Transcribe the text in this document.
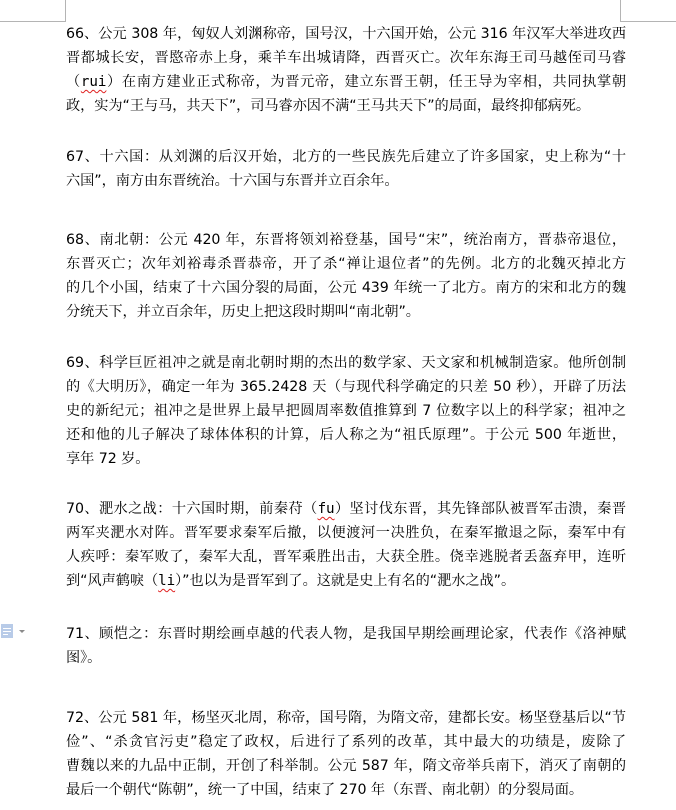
66、公元 308 年，匈奴人刘渊称帝，国号汉，十六国开始，公元 316 年汉军大举进攻西
晋都城长安，晋愍帝赤上身，乘羊车出城请降，西晋灭亡。次年东海王司马越侄司马睿
（rui）在南方建业正式称帝，为晋元帝，建立东晋王朝，任王导为宰相，共同执掌朝
政，实为“王与马，共天下”，司马睿亦因不满“王马共天下”的局面，最终抑郁病死。
67、十六国：从刘渊的后汉开始，北方的一些民族先后建立了许多国家，史上称为“十
六国”，南方由东晋统治。十六国与东晋并立百余年。
68、南北朝：公元 420 年，东晋将领刘裕登基，国号“宋”，统治南方，晋恭帝退位，
东晋灭亡；次年刘裕毒杀晋恭帝，开了杀“禅让退位者”的先例。北方的北魏灭掉北方
的几个小国，结束了十六国分裂的局面，公元 439 年统一了北方。南方的宋和北方的魏
分统天下，并立百余年，历史上把这段时期叫“南北朝”。
69、科学巨匠祖冲之就是南北朝时期的杰出的数学家、天文家和机械制造家。他所创制
的《大明历》，确定一年为 365.2428 天（与现代科学确定的只差 50 秒），开辟了历法
史的新纪元；祖冲之是世界上最早把圆周率数值推算到 7 位数字以上的科学家；祖冲之
还和他的儿子解决了球体体积的计算，后人称之为“祖氏原理”。于公元 500 年逝世，
享年 72 岁。
70、淝水之战：十六国时期，前秦苻（fu）坚讨伐东晋，其先锋部队被晋军击溃，秦晋
两军夹淝水对阵。晋军要求秦军后撤，以便渡河一决胜负，在秦军撤退之际，秦军中有
人疾呼：秦军败了，秦军大乱，晋军乘胜出击，大获全胜。侥幸逃脱者丢盔弃甲，连听
到“风声鹤唳（li）”也以为是晋军到了。这就是史上有名的“淝水之战”。
71、顾恺之：东晋时期绘画卓越的代表人物，是我国早期绘画理论家，代表作《洛神赋
图》。
72、公元 581 年，杨坚灭北周，称帝，国号隋，为隋文帝，建都长安。杨坚登基后以“节
俭”、“杀贪官污吏”稳定了政权，后进行了系列的改革，其中最大的功绩是，废除了
曹魏以来的九品中正制，开创了科举制。公元 587 年，隋文帝举兵南下，消灭了南朝的
最后一个朝代“陈朝”，统一了中国，结束了 270 年（东晋、南北朝）的分裂局面。
